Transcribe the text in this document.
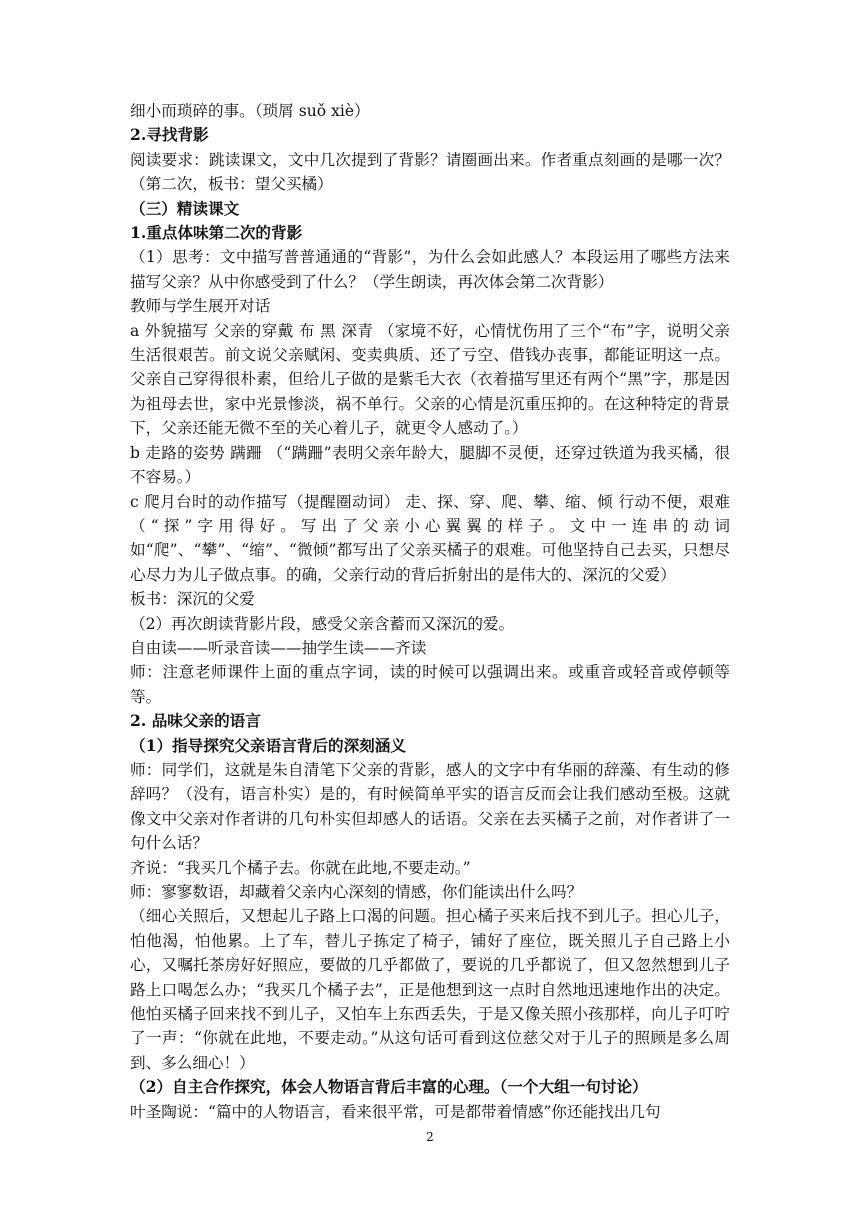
细小而琐碎的事。（琐屑 suǒ xiè）

2.寻找背影

阅读要求：跳读课文，文中几次提到了背影？请圈画出来。作者重点刻画的是哪一次？（第二次，板书：望父买橘）

（三）精读课文

1.重点体味第二次的背影

（1）思考：文中描写普普通通的“背影”，为什么会如此感人？本段运用了哪些方法来描写父亲？从中你感受到了什么？（学生朗读，再次体会第二次背影）

教师与学生展开对话

a 外貌描写 父亲的穿戴 布 黑 深青 （家境不好，心情忧伤用了三个“布”字，说明父亲生活很艰苦。前文说父亲赋闲、变卖典质、还了亏空、借钱办丧事，都能证明这一点。父亲自己穿得很朴素，但给儿子做的是紫毛大衣（衣着描写里还有两个“黑”字，那是因为祖母去世，家中光景惨淡，祸不单行。父亲的心情是沉重压抑的。在这种特定的背景下，父亲还能无微不至的关心着儿子，就更令人感动了。）

b 走路的姿势 蹒跚 （“蹒跚”表明父亲年龄大，腿脚不灵便，还穿过铁道为我买橘，很不容易。）

c 爬月台时的动作描写（提醒圈动词） 走、探、穿、爬、攀、缩、倾 行动不便，艰难（“探”字用得好。写出了父亲小心翼翼的样子。文中一连串的动词如“爬”、“攀”、“缩”、“微倾”都写出了父亲买橘子的艰难。可他坚持自己去买，只想尽心尽力为儿子做点事。的确，父亲行动的背后折射出的是伟大的、深沉的父爱）

板书：深沉的父爱

（2）再次朗读背影片段，感受父亲含蓄而又深沉的爱。

自由读——听录音读——抽学生读——齐读

师：注意老师课件上面的重点字词，读的时候可以强调出来。或重音或轻音或停顿等等。

2. 品味父亲的语言

（1）指导探究父亲语言背后的深刻涵义

师：同学们，这就是朱自清笔下父亲的背影，感人的文字中有华丽的辞藻、有生动的修辞吗？（没有，语言朴实）是的，有时候简单平实的语言反而会让我们感动至极。这就像文中父亲对作者讲的几句朴实但却感人的话语。父亲在去买橘子之前，对作者讲了一句什么话？

齐说：“我买几个橘子去。你就在此地,不要走动。”

师：寥寥数语，却藏着父亲内心深刻的情感，你们能读出什么吗？

（细心关照后，又想起儿子路上口渴的问题。担心橘子买来后找不到儿子。担心儿子，怕他渴，怕他累。上了车，替儿子拣定了椅子，铺好了座位，既关照儿子自己路上小心，又嘱托茶房好好照应，要做的几乎都做了，要说的几乎都说了，但又忽然想到儿子路上口喝怎么办；“我买几个橘子去”，正是他想到这一点时自然地迅速地作出的决定。他怕买橘子回来找不到儿子，又怕车上东西丢失，于是又像关照小孩那样，向儿子叮咛了一声：“你就在此地，不要走动。”从这句话可看到这位慈父对于儿子的照顾是多么周到、多么细心！）

（2）自主合作探究，体会人物语言背后丰富的心理。（一个大组一句讨论）

叶圣陶说：“篇中的人物语言，看来很平常，可是都带着情感”你还能找出几句

2
